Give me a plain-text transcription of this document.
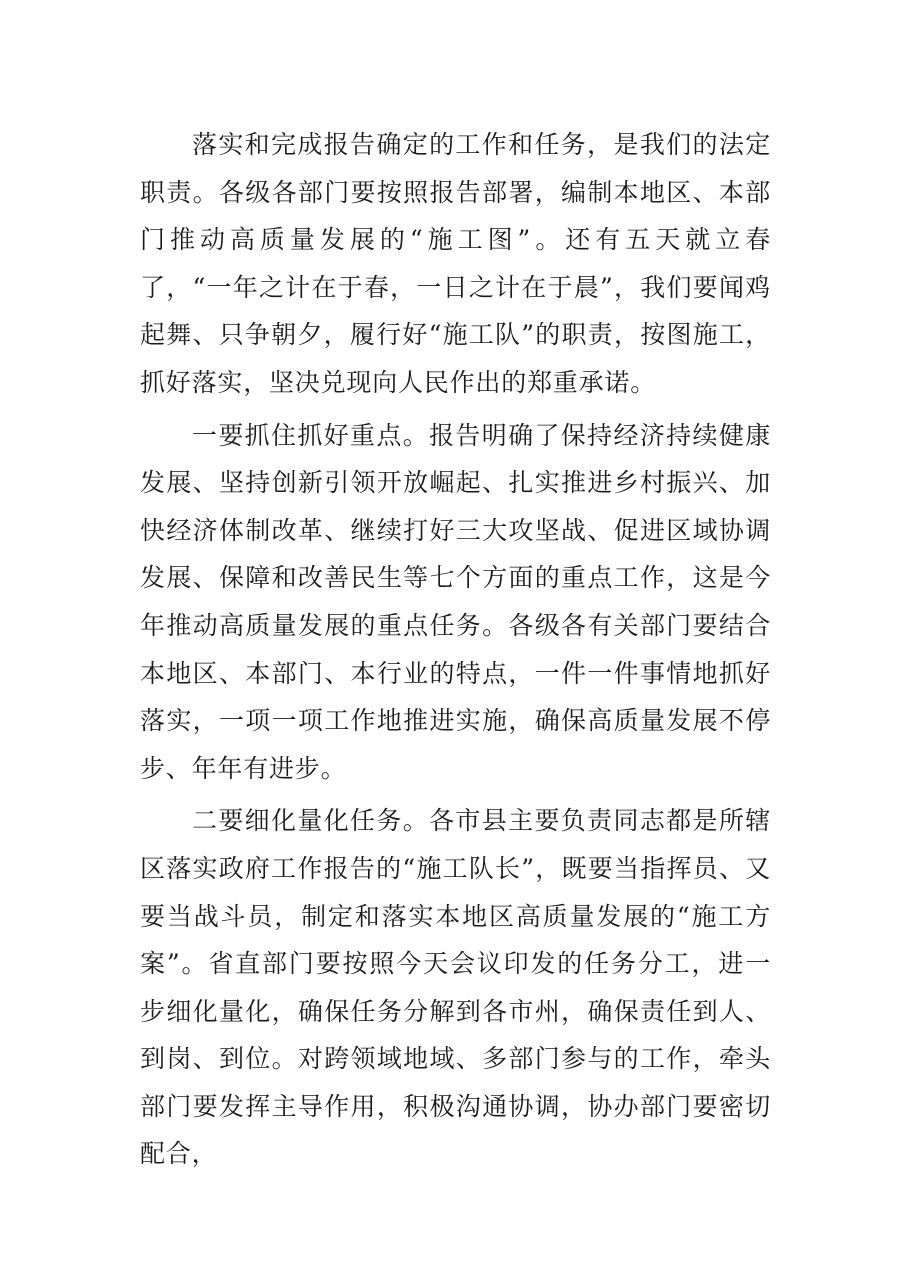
落实和完成报告确定的工作和任务，是我们的法定职责。各级各部门要按照报告部署，编制本地区、本部门推动高质量发展的“施工图”。还有五天就立春了，“一年之计在于春，一日之计在于晨”，我们要闻鸡起舞、只争朝夕，履行好“施工队”的职责，按图施工，抓好落实，坚决兑现向人民作出的郑重承诺。

一要抓住抓好重点。报告明确了保持经济持续健康发展、坚持创新引领开放崛起、扎实推进乡村振兴、加快经济体制改革、继续打好三大攻坚战、促进区域协调发展、保障和改善民生等七个方面的重点工作，这是今年推动高质量发展的重点任务。各级各有关部门要结合本地区、本部门、本行业的特点，一件一件事情地抓好落实，一项一项工作地推进实施，确保高质量发展不停步、年年有进步。

二要细化量化任务。各市县主要负责同志都是所辖区落实政府工作报告的“施工队长”，既要当指挥员、又要当战斗员，制定和落实本地区高质量发展的“施工方案”。省直部门要按照今天会议印发的任务分工，进一步细化量化，确保任务分解到各市州，确保责任到人、到岗、到位。对跨领域地域、多部门参与的工作，牵头部门要发挥主导作用，积极沟通协调，协办部门要密切配合，
